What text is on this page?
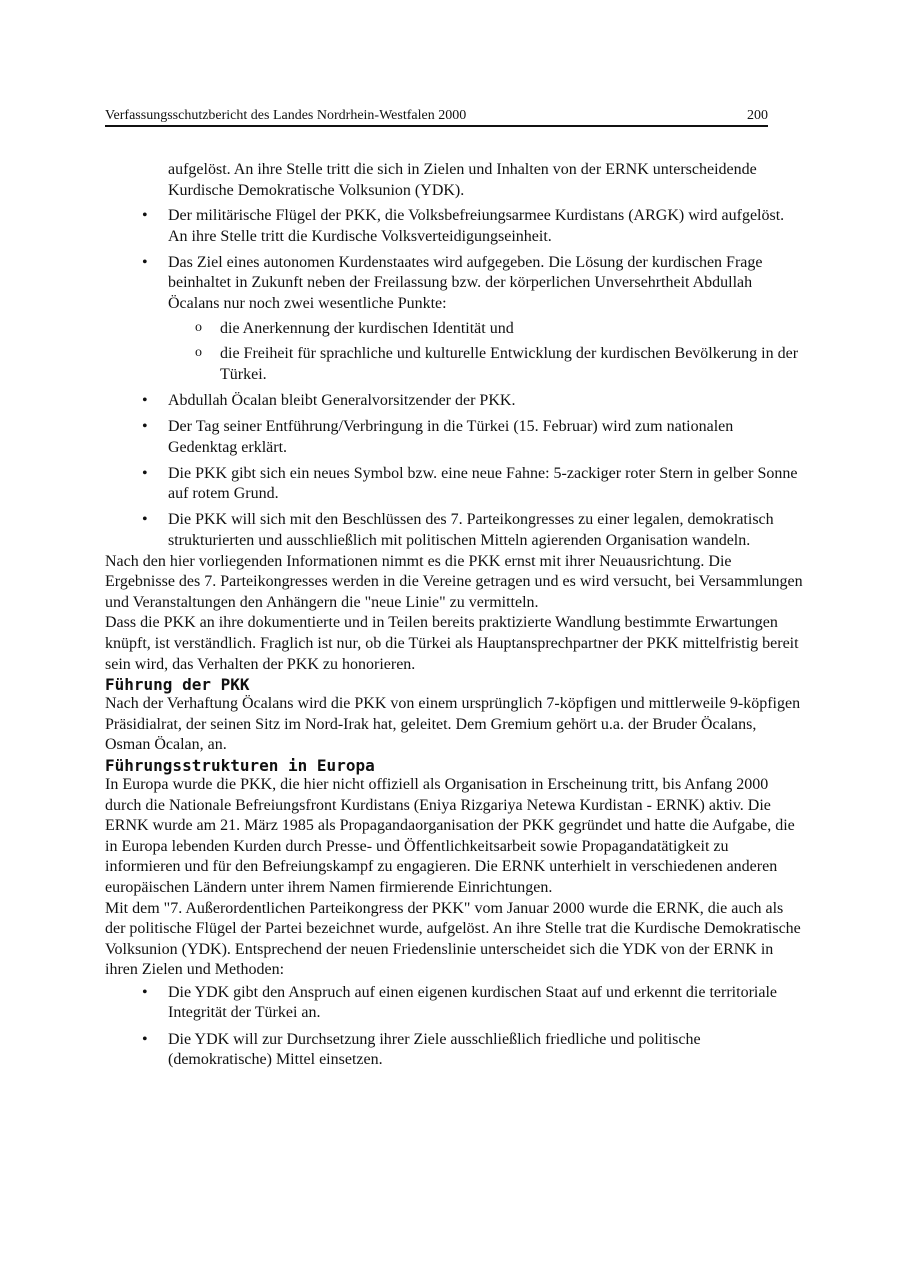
Verfassungsschutzbericht des Landes Nordrhein-Westfalen 2000	200

aufgelöst. An ihre Stelle tritt die sich in Zielen und Inhalten von der ERNK unterscheidende Kurdische Demokratische Volksunion (YDK).

• Der militärische Flügel der PKK, die Volksbefreiungsarmee Kurdistans (ARGK) wird aufgelöst. An ihre Stelle tritt die Kurdische Volksverteidigungseinheit.
• Das Ziel eines autonomen Kurdenstaates wird aufgegeben. Die Lösung der kurdischen Frage beinhaltet in Zukunft neben der Freilassung bzw. der körperlichen Unversehrtheit Abdullah Öcalans nur noch zwei wesentliche Punkte:
o die Anerkennung der kurdischen Identität und
o die Freiheit für sprachliche und kulturelle Entwicklung der kurdischen Bevölkerung in der Türkei.
• Abdullah Öcalan bleibt Generalvorsitzender der PKK.
• Der Tag seiner Entführung/Verbringung in die Türkei (15. Februar) wird zum nationalen Gedenktag erklärt.
• Die PKK gibt sich ein neues Symbol bzw. eine neue Fahne: 5-zackiger roter Stern in gelber Sonne auf rotem Grund.
• Die PKK will sich mit den Beschlüssen des 7. Parteikongresses zu einer legalen, demokratisch strukturierten und ausschließlich mit politischen Mitteln agierenden Organisation wandeln.

Nach den hier vorliegenden Informationen nimmt es die PKK ernst mit ihrer Neuausrichtung. Die Ergebnisse des 7. Parteikongresses werden in die Vereine getragen und es wird versucht, bei Versammlungen und Veranstaltungen den Anhängern die "neue Linie" zu vermitteln.

Dass die PKK an ihre dokumentierte und in Teilen bereits praktizierte Wandlung bestimmte Erwartungen knüpft, ist verständlich. Fraglich ist nur, ob die Türkei als Hauptansprechpartner der PKK mittelfristig bereit sein wird, das Verhalten der PKK zu honorieren.

Führung der PKK

Nach der Verhaftung Öcalans wird die PKK von einem ursprünglich 7-köpfigen und mittlerweile 9-köpfigen Präsidialrat, der seinen Sitz im Nord-Irak hat, geleitet. Dem Gremium gehört u.a. der Bruder Öcalans, Osman Öcalan, an.

Führungsstrukturen in Europa

In Europa wurde die PKK, die hier nicht offiziell als Organisation in Erscheinung tritt, bis Anfang 2000 durch die Nationale Befreiungsfront Kurdistans (Eniya Rizgariya Netewa Kurdistan - ERNK) aktiv. Die ERNK wurde am 21. März 1985 als Propagandaorganisation der PKK gegründet und hatte die Aufgabe, die in Europa lebenden Kurden durch Presse- und Öffentlichkeitsarbeit sowie Propagandatätigkeit zu informieren und für den Befreiungskampf zu engagieren. Die ERNK unterhielt in verschiedenen anderen europäischen Ländern unter ihrem Namen firmierende Einrichtungen.

Mit dem "7. Außerordentlichen Parteikongress der PKK" vom Januar 2000 wurde die ERNK, die auch als der politische Flügel der Partei bezeichnet wurde, aufgelöst. An ihre Stelle trat die Kurdische Demokratische Volksunion (YDK). Entsprechend der neuen Friedenslinie unterscheidet sich die YDK von der ERNK in ihren Zielen und Methoden:

• Die YDK gibt den Anspruch auf einen eigenen kurdischen Staat auf und erkennt die territoriale Integrität der Türkei an.
• Die YDK will zur Durchsetzung ihrer Ziele ausschließlich friedliche und politische (demokratische) Mittel einsetzen.
